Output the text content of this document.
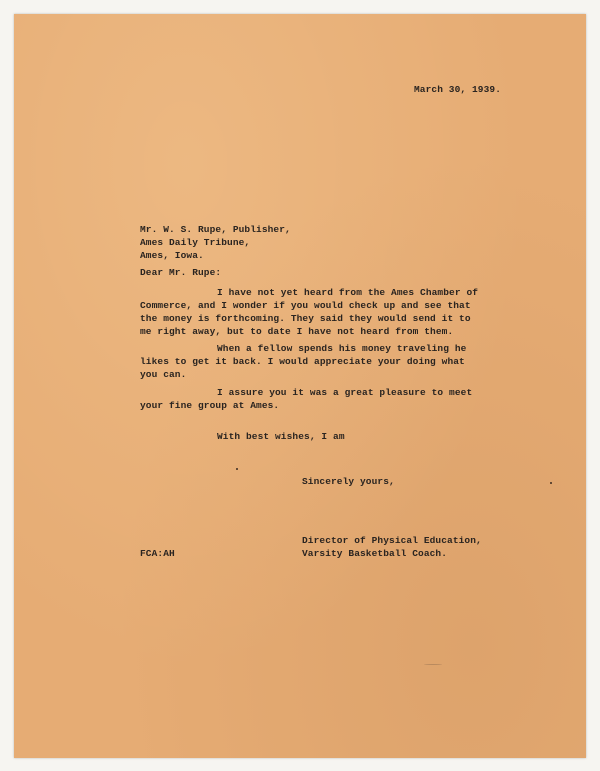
March 30, 1939.
Mr. W. S. Rupe, Publisher,
Ames Daily Tribune,
Ames, Iowa.
Dear Mr. Rupe:
I have not yet heard from the Ames Chamber of
Commerce, and I wonder if you would check up and see that
the money is forthcoming. They said they would send it to
me right away, but to date I have not heard from them.
When a fellow spends his money traveling he
likes to get it back. I would appreciate your doing what
you can.
I assure you it was a great pleasure to meet
your fine group at Ames.
With best wishes, I am
Sincerely yours,
Director of Physical Education,
Varsity Basketball Coach.
FCA:AH
